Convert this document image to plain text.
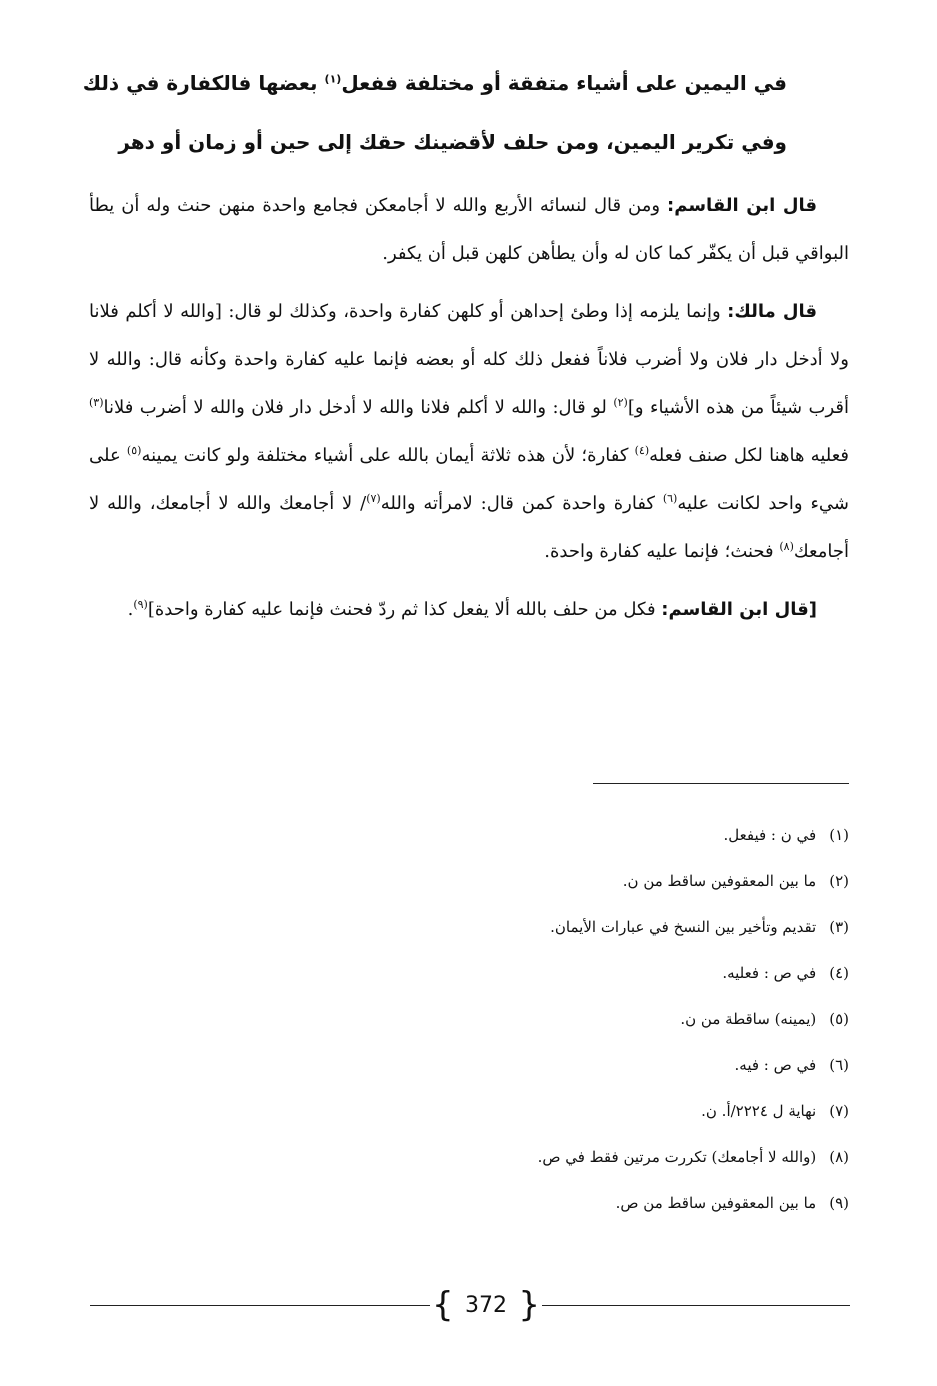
في اليمين على أشياء متفقة أو مختلفة ففعل$^{(١)}$ بعضها فالكفارة في ذلك
وفي تكرير اليمين، ومن حلف لأقضينك حقك إلى حين أو زمان أو دهر

قال ابن القاسم: ومن قال لنسائه الأربع والله لا أجامعكن فجامع واحدة منهن حنث وله أن يطأ البواقي قبل أن يكفّر كما كان له وأن يطأهن كلهن قبل أن يكفر.

قال مالك: وإنما يلزمه إذا وطئ إحداهن أو كلهن كفارة واحدة، وكذلك لو قال: [والله لا أكلم فلانا ولا أدخل دار فلان ولا أضرب فلاناً ففعل ذلك كله أو بعضه فإنما عليه كفارة واحدة وكأنه قال: والله لا أقرب شيئاً من هذه الأشياء و]$^{(٢)}$ لو قال: والله لا أكلم فلانا والله لا أدخل دار فلان والله لا أضرب فلانا$^{(٣)}$ فعليه هاهنا لكل صنف فعله$^{(٤)}$ كفارة؛ لأن هذه ثلاثة أيمان بالله على أشياء مختلفة ولو كانت يمينه$^{(٥)}$ على شيء واحد لكانت عليه$^{(٦)}$ كفارة واحدة كمن قال: لامرأته والله$^{(٧)}$/ لا أجامعك والله لا أجامعك، والله لا أجامعك$^{(٨)}$ فحنث؛ فإنما عليه كفارة واحدة.

[قال ابن القاسم: فكل من حلف بالله ألا يفعل كذا ثم ردّ فحنث فإنما عليه كفارة واحدة]$^{(٩)}$.

(١) في ن : فيفعل.
(٢) ما بين المعقوفين ساقط من ن.
(٣) تقديم وتأخير بين النسخ في عبارات الأيمان.
(٤) في ص : فعليه.
(٥) (يمينه) ساقطة من ن.
(٦) في ص : فيه.
(٧) نهاية ل ٢٢٢٤/أ. ن.
(٨) (والله لا أجامعك) تكررت مرتين فقط في ص.
(٩) ما بين المعقوفين ساقط من ص.
{ 372 }
